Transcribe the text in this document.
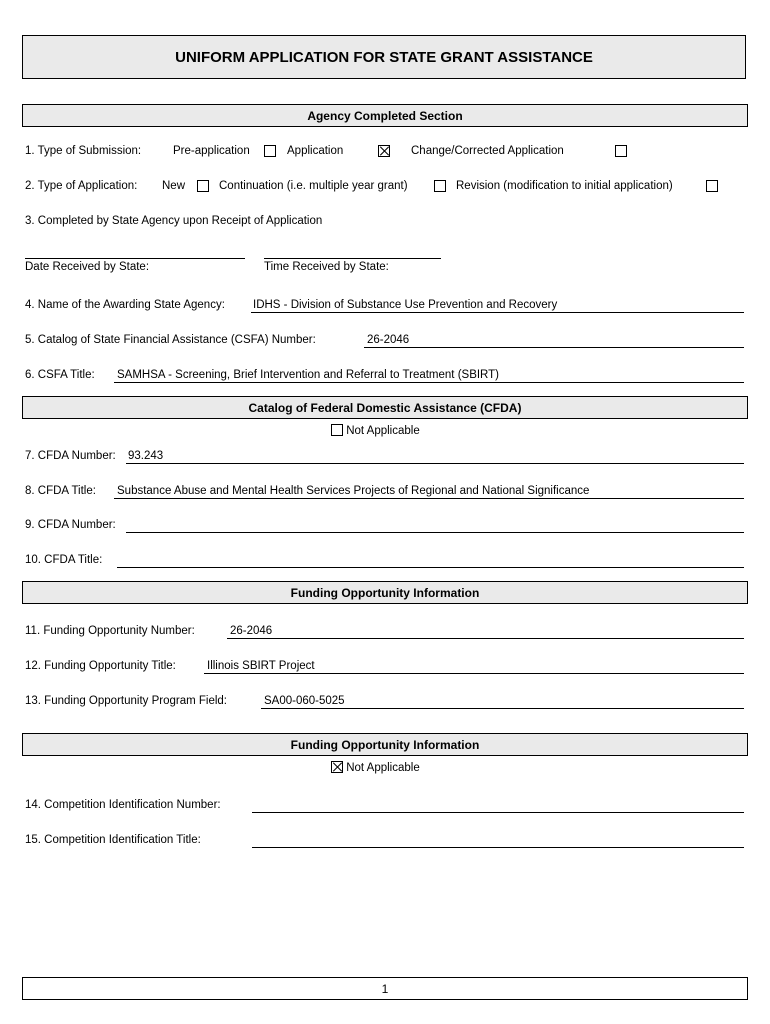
UNIFORM APPLICATION FOR STATE GRANT ASSISTANCE
Agency Completed Section
1. Type of Submission:	Pre-application	Application	Change/Corrected Application
2. Type of Application: New	Continuation (i.e. multiple year grant)	Revision (modification to initial application)
3. Completed by State Agency upon Receipt of Application
Date Received by State:	Time Received by State:
4. Name of the Awarding State Agency: IDHS - Division of Substance Use Prevention and Recovery
5. Catalog of State Financial Assistance (CSFA) Number:	26-2046
6. CSFA Title: SAMHSA - Screening, Brief Intervention and Referral to Treatment (SBIRT)
Catalog of Federal Domestic Assistance (CFDA)
Not Applicable
7. CFDA Number: 93.243
8. CFDA Title: Substance Abuse and Mental Health Services Projects of Regional and National Significance
9. CFDA Number:
10. CFDA Title:
Funding Opportunity Information
11. Funding Opportunity Number:	26-2046
12. Funding Opportunity Title:	Illinois SBIRT Project
13. Funding Opportunity Program Field:	SA00-060-5025
Funding Opportunity Information
Not Applicable
14. Competition Identification Number:
15. Competition Identification Title:
1
